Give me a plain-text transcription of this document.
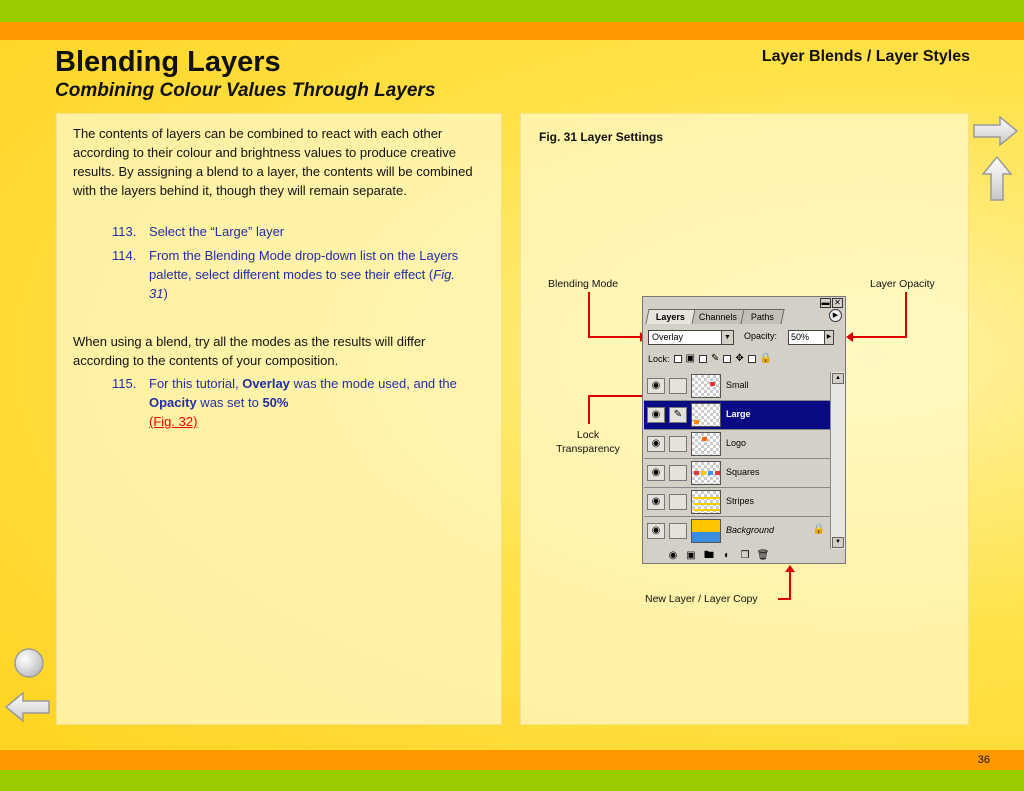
Blending Layers
Combining Colour Values Through Layers
Layer Blends / Layer Styles
The contents of layers can be combined to react with each other according to their colour and brightness values to produce creative results. By assigning a blend to a layer, the contents will be combined with the layers behind it, though they will remain separate.
113. Select the “Large” layer
114. From the Blending Mode drop-down list on the Layers palette, select different modes to see their effect (Fig. 31)
When using a blend, try all the modes as the results will differ according to the contents of your composition.
115. For this tutorial, Overlay was the mode used, and the Opacity was set to 50%
(Fig. 32)
Fig. 31 Layer Settings
Blending Mode	Layer Opacity
Lock
Transparency
New Layer / Layer Copy
▬ ✕
Layers	Channels	Paths	▶
Overlay	▼ Opacity:	50%	▶
Lock: ▣ ✎ ✥ 🔒
◉	Small
◉	✎	Large
◉	Logo
◉	Squares
◉	Stripes
◉	Background	🔒
▲
▼
◉ ▣ 🖿 ◐	❐ 🗑
36
